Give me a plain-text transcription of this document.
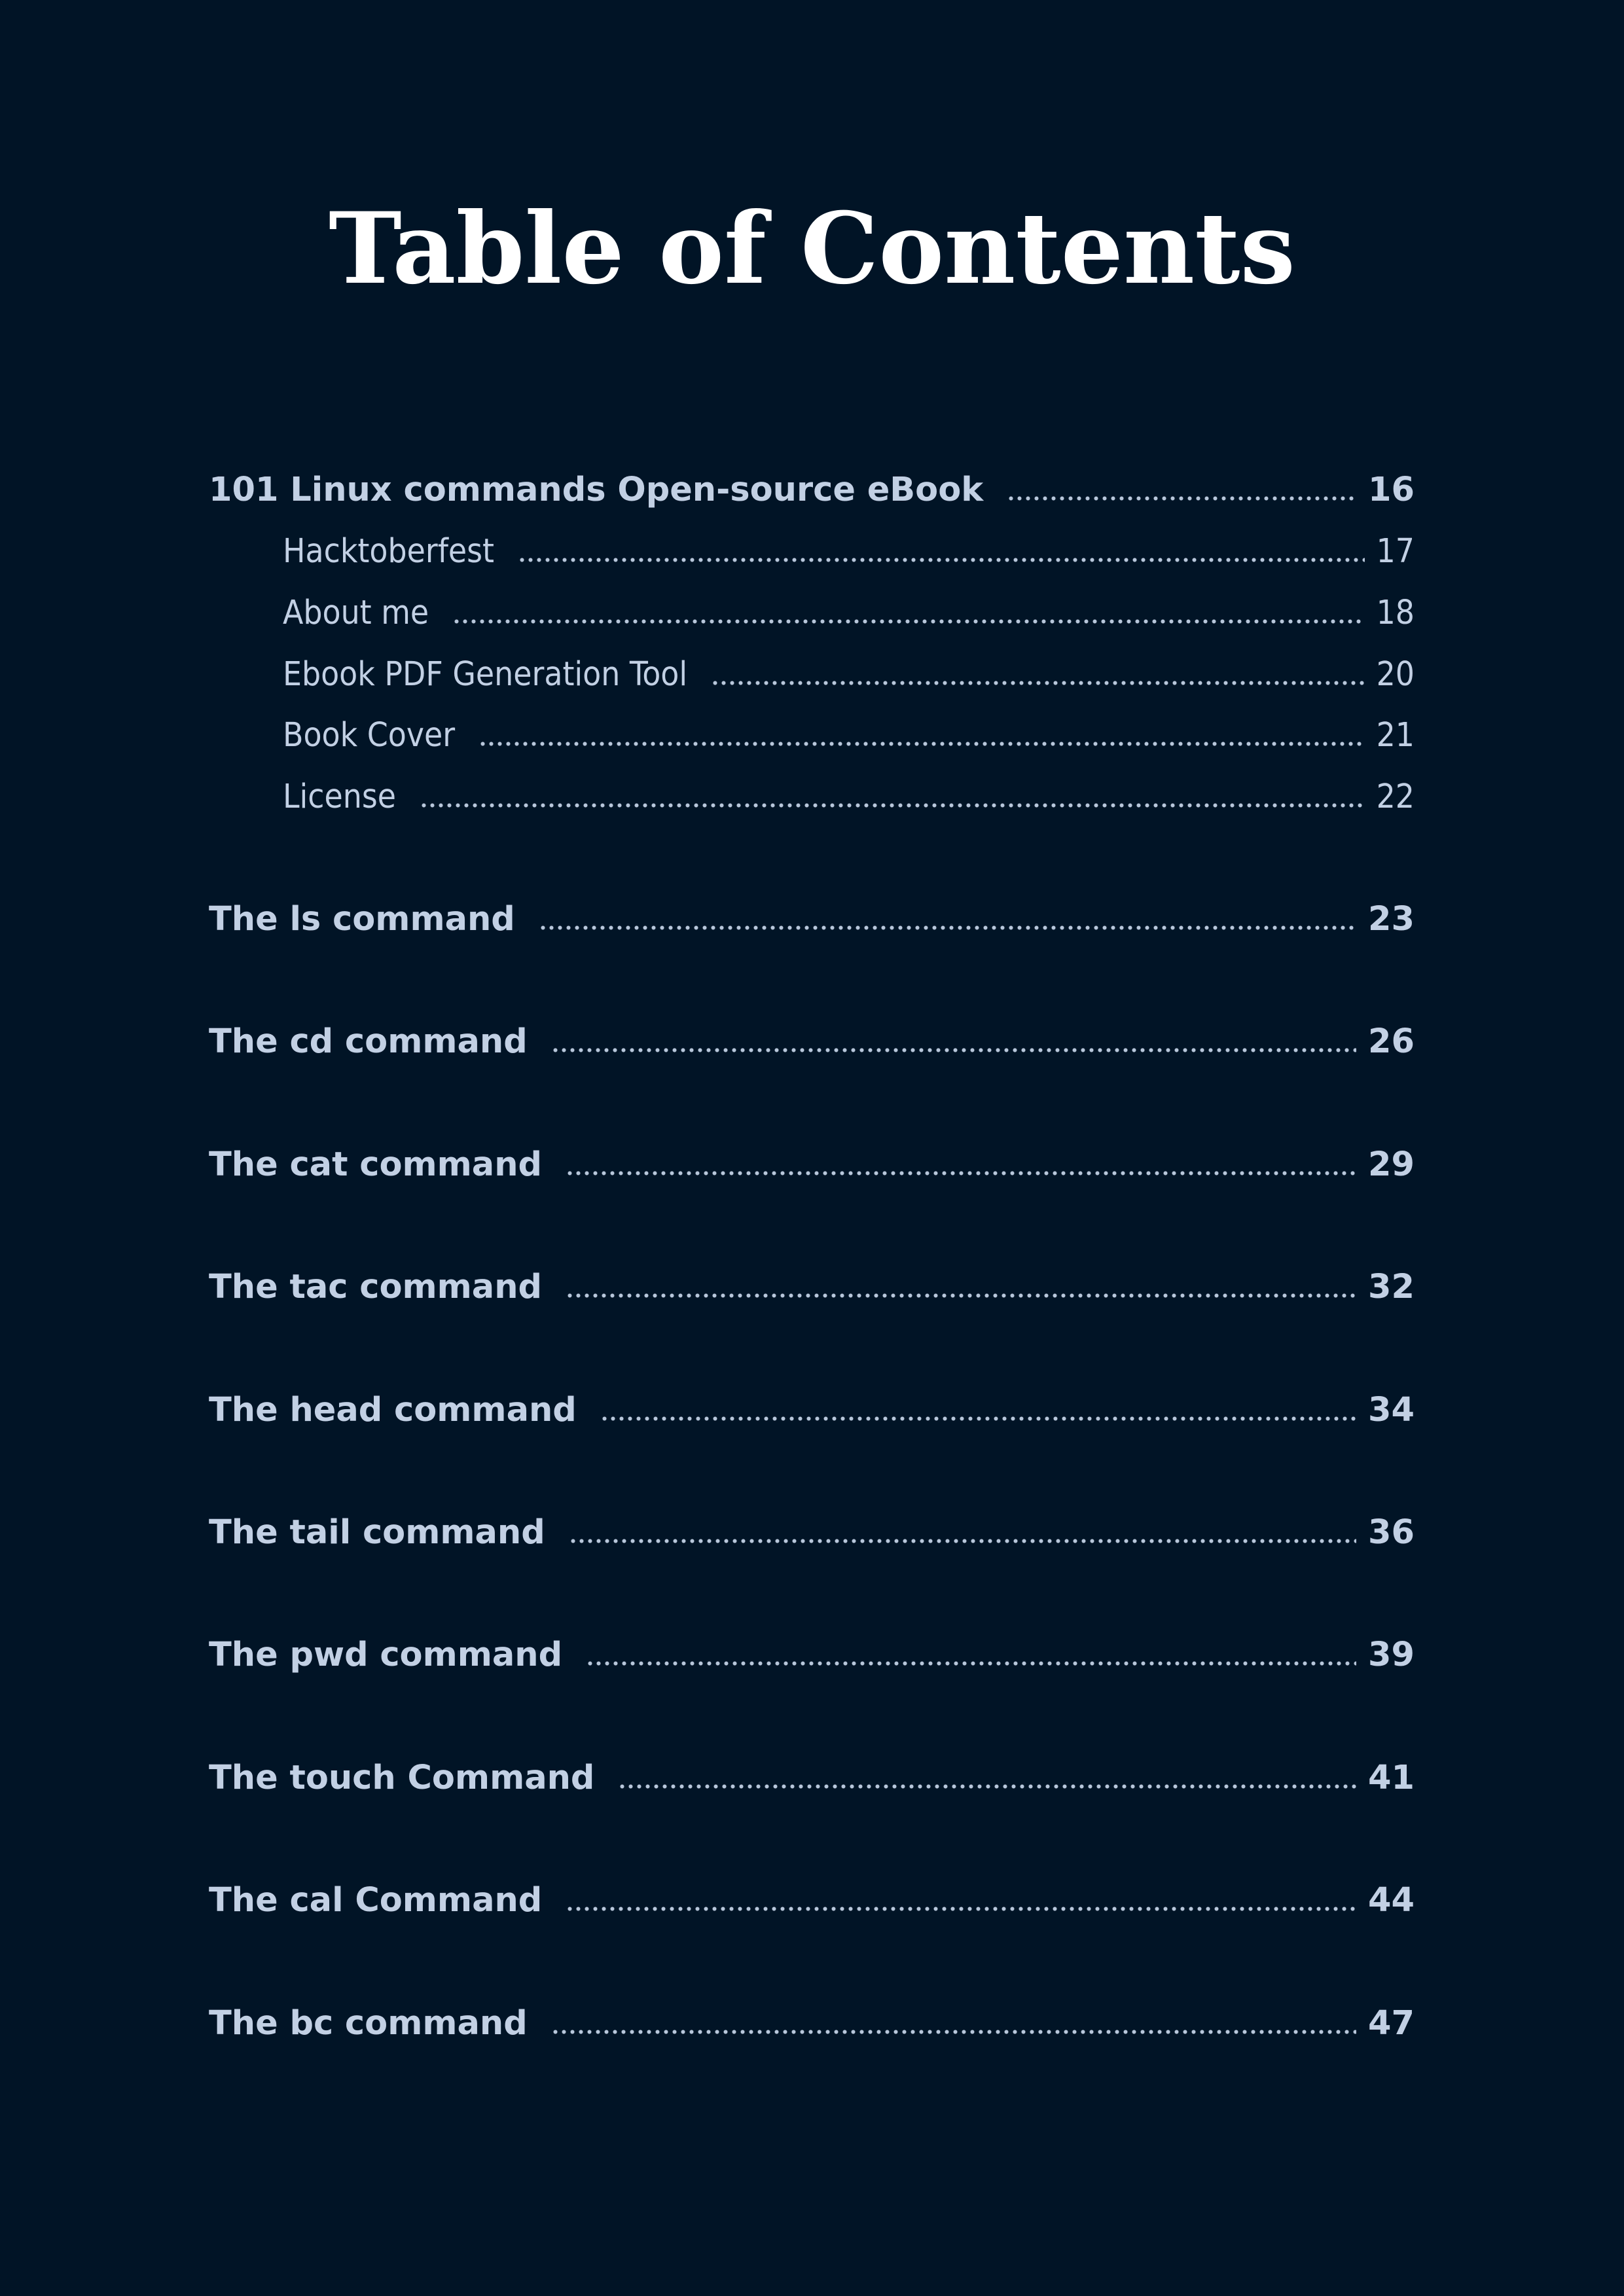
Table of Contents
101 Linux commands Open-source eBook	16
Hacktoberfest	17
About me	18
Ebook PDF Generation Tool	20
Book Cover	21
License	22
The ls command	23
The cd command	26
The cat command	29
The tac command	32
The head command	34
The tail command	36
The pwd command	39
The touch Command	41
The cal Command	44
The bc command	47
